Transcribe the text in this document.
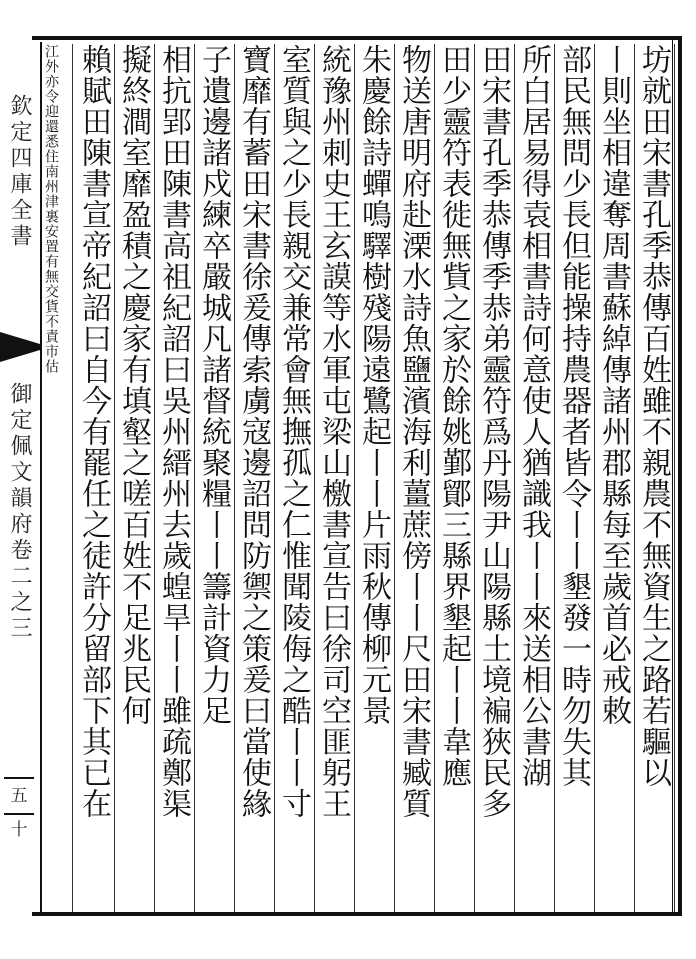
欽定四庫全書
御定佩文韻府卷二之三
五十
坊就田宋書孔季恭傳百姓雖不親農不無資生之路若驅以
丨則坐相違奪周書蘇綽傳諸州郡縣每至歲首必戒敕
部民無問少長但能操持農器者皆令丨丨墾發一時勿失其
所白居易得袁相書詩何意使人猶識我丨丨來送相公書湖
田宋書孔季恭傳季恭弟靈符爲丹陽尹山陽縣土境褊狹民多
田少靈符表徙無貲之家於餘姚鄞鄮三縣界墾起丨丨韋應
物送唐明府赴溧水詩魚鹽濱海利薑蔗傍丨丨尺田宋書臧質
朱慶餘詩蟬鳴驛樹殘陽遠鷺起丨丨片雨秋傳柳元景
統豫州刺史王玄謨等水軍屯梁山檄書宣告曰徐司空匪躬王
室質與之少長親交兼常會無撫孤之仁惟聞陵侮之酷丨丨寸
寶靡有蓄田宋書徐爰傳索虜寇邊詔問防禦之策爰曰當使緣
子遺邊諸戍練卒嚴城凡諸督統聚糧丨丨籌計資力足
相抗郢田陳書高祖紀詔曰吳州縉州去歲蝗旱丨丨雖疏鄭渠
擬終澗室靡盈積之慶家有填壑之嗟百姓不足兆民何
賴賦田陳書宣帝紀詔曰自今有罷任之徒許分留部下其已在
江外亦令迎還悉住南州津裏安置有無交貨不責市估
